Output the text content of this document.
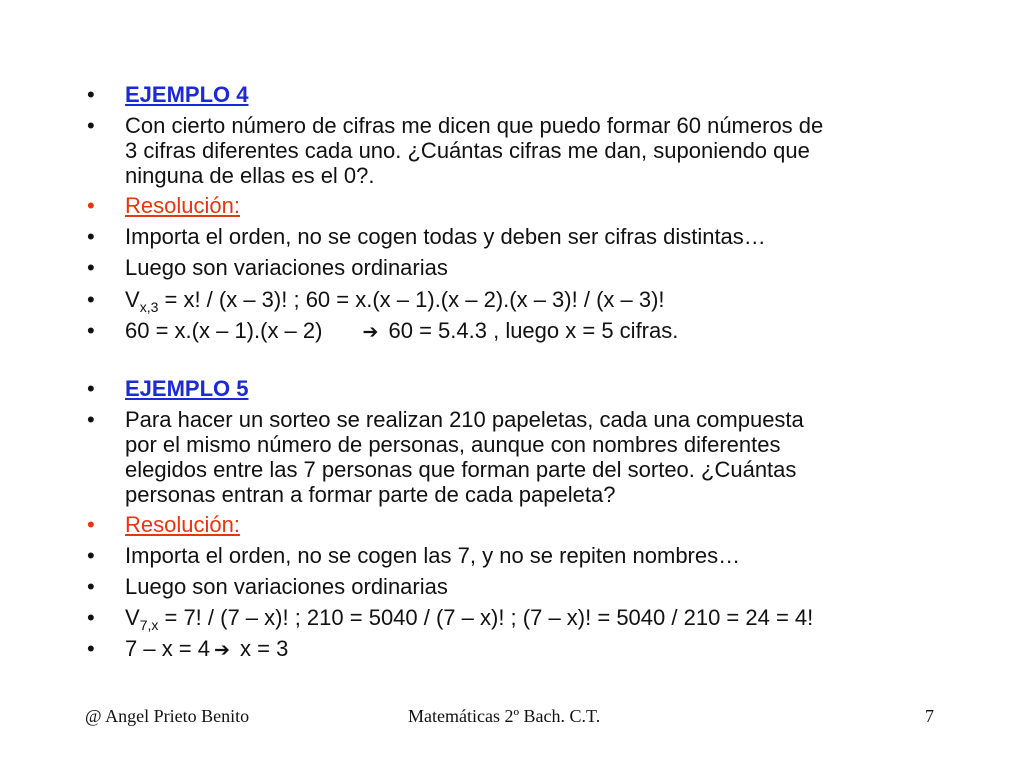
• EJEMPLO 4
• Con cierto número de cifras me dicen que puedo formar 60 números de
3 cifras diferentes cada uno. ¿Cuántas cifras me dan, suponiendo que
ninguna de ellas es el 0?.
• Resolución:
• Importa el orden, no se cogen todas y deben ser cifras distintas…
• Luego son variaciones ordinarias
• $V_{x,3} = x$! / (x – 3)! ; 60 = x.(x – 1).(x – 2).(x – 3)! / (x – 3)!
• 60 = x.(x – 1).(x – 2) ➔ 60 = 5.4.3 , luego x = 5 cifras.
• EJEMPLO 5
• Para hacer un sorteo se realizan 210 papeletas, cada una compuesta
por el mismo número de personas, aunque con nombres diferentes
elegidos entre las 7 personas que forman parte del sorteo. ¿Cuántas
personas entran a formar parte de cada papeleta?
• Resolución:
• Importa el orden, no se cogen las 7, y no se repiten nombres…
• Luego son variaciones ordinarias
• $V_{7,x} = 7$! / (7 – x)! ; 210 = 5040 / (7 – x)! ; (7 – x)! = 5040 / 210 = 24 = 4!
• 7 – x = 4 ➔ x = 3
@ Angel Prieto Benito	Matemáticas 2º Bach. C.T.	7
